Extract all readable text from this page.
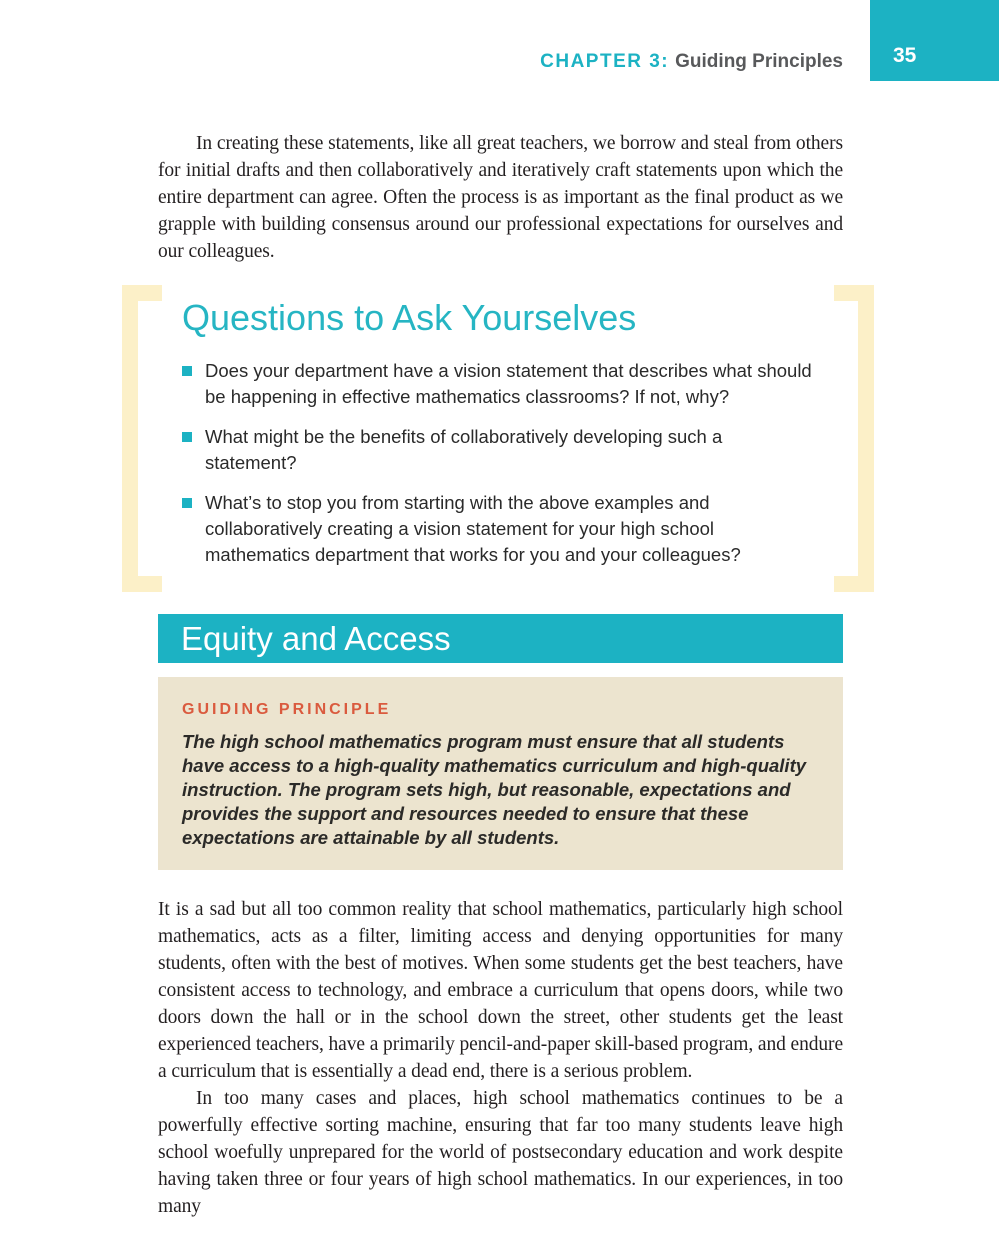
35
CHAPTER 3: Guiding Principles

In creating these statements, like all great teachers, we borrow and steal from others for initial drafts and then collaboratively and iteratively craft statements upon which the entire department can agree. Often the process is as important as the final product as we grapple with building consensus around our professional expectations for ourselves and our colleagues.

Questions to Ask Yourselves
Does your department have a vision statement that describes what should be happening in effective mathematics classrooms? If not, why?
What might be the benefits of collaboratively developing such a statement?
What’s to stop you from starting with the above examples and collaboratively creating a vision statement for your high school mathematics department that works for you and your colleagues?
Equity and Access
GUIDING PRINCIPLE
The high school mathematics program must ensure that all students have access to a high-quality mathematics curriculum and high-quality instruction. The program sets high, but reasonable, expectations and provides the support and resources needed to ensure that these expectations are attainable by all students.

It is a sad but all too common reality that school mathematics, particularly high school mathematics, acts as a filter, limiting access and denying opportunities for many students, often with the best of motives. When some students get the best teachers, have consistent access to technology, and embrace a curriculum that opens doors, while two doors down the hall or in the school down the street, other students get the least experienced teachers, have a primarily pencil-and-paper skill-based program, and endure a curriculum that is essentially a dead end, there is a serious problem.

In too many cases and places, high school mathematics continues to be a powerfully effective sorting machine, ensuring that far too many students leave high school woefully unprepared for the world of postsecondary education and work despite having taken three or four years of high school mathematics. In our experiences, in too many
